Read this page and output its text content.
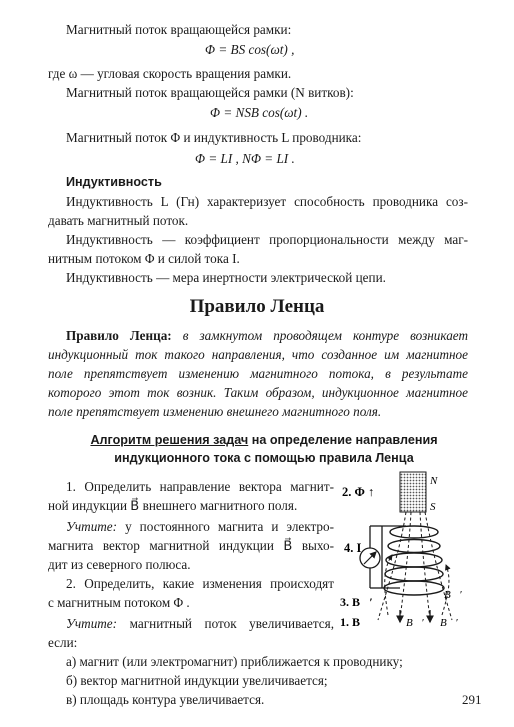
Магнитный поток вращающейся рамки:
Φ = BS cos(ωt) ,
где ω — угловая скорость вращения рамки.
Магнитный поток вращающейся рамки (N витков):
Φ = NSB cos(ωt) .
Магнитный поток Φ и индуктивность L проводника:
Φ = LI , NΦ = LI .
Индуктивность
Индуктивность L (Гн) характеризует способность проводника соз-
давать магнитный поток.
Индуктивность — коэффициент пропорциональности между маг-
нитным потоком Φ и силой тока I.
Индуктивность — мера инертности электрической цепи.
Правило Ленца
Правило Ленца: в замкнутом проводящем контуре возникает
индукционный ток такого направления, что созданное им магнитное
поле препятствует изменению магнитного потока, в результате
которого этот ток возник. Таким образом, индукционное магнитное
поле препятствует изменению внешнего магнитного поля.
Алгоритм решения задач на определение направления
индукционного тока с помощью правила Ленца
1. Определить направление вектора магнит-
ной индукции B⃗ внешнего магнитного поля.
Учтите: у постоянного магнита и электро-
магнита вектор магнитной индукции B⃗ выхо-
дит из северного полюса.
2. Определить, какие изменения происходят
с магнитным потоком Φ .
Учтите: магнитный поток увеличивается,
если:
а) магнит (или электромагнит) приближается к проводнику;
б) вектор магнитной индукции увеличивается;
в) площадь контура увеличивается.
N
S
2. Φ ↑
4. I
3. B⃗′
1. B⃗	B⃗′
B⃗′
B⃗′
291
